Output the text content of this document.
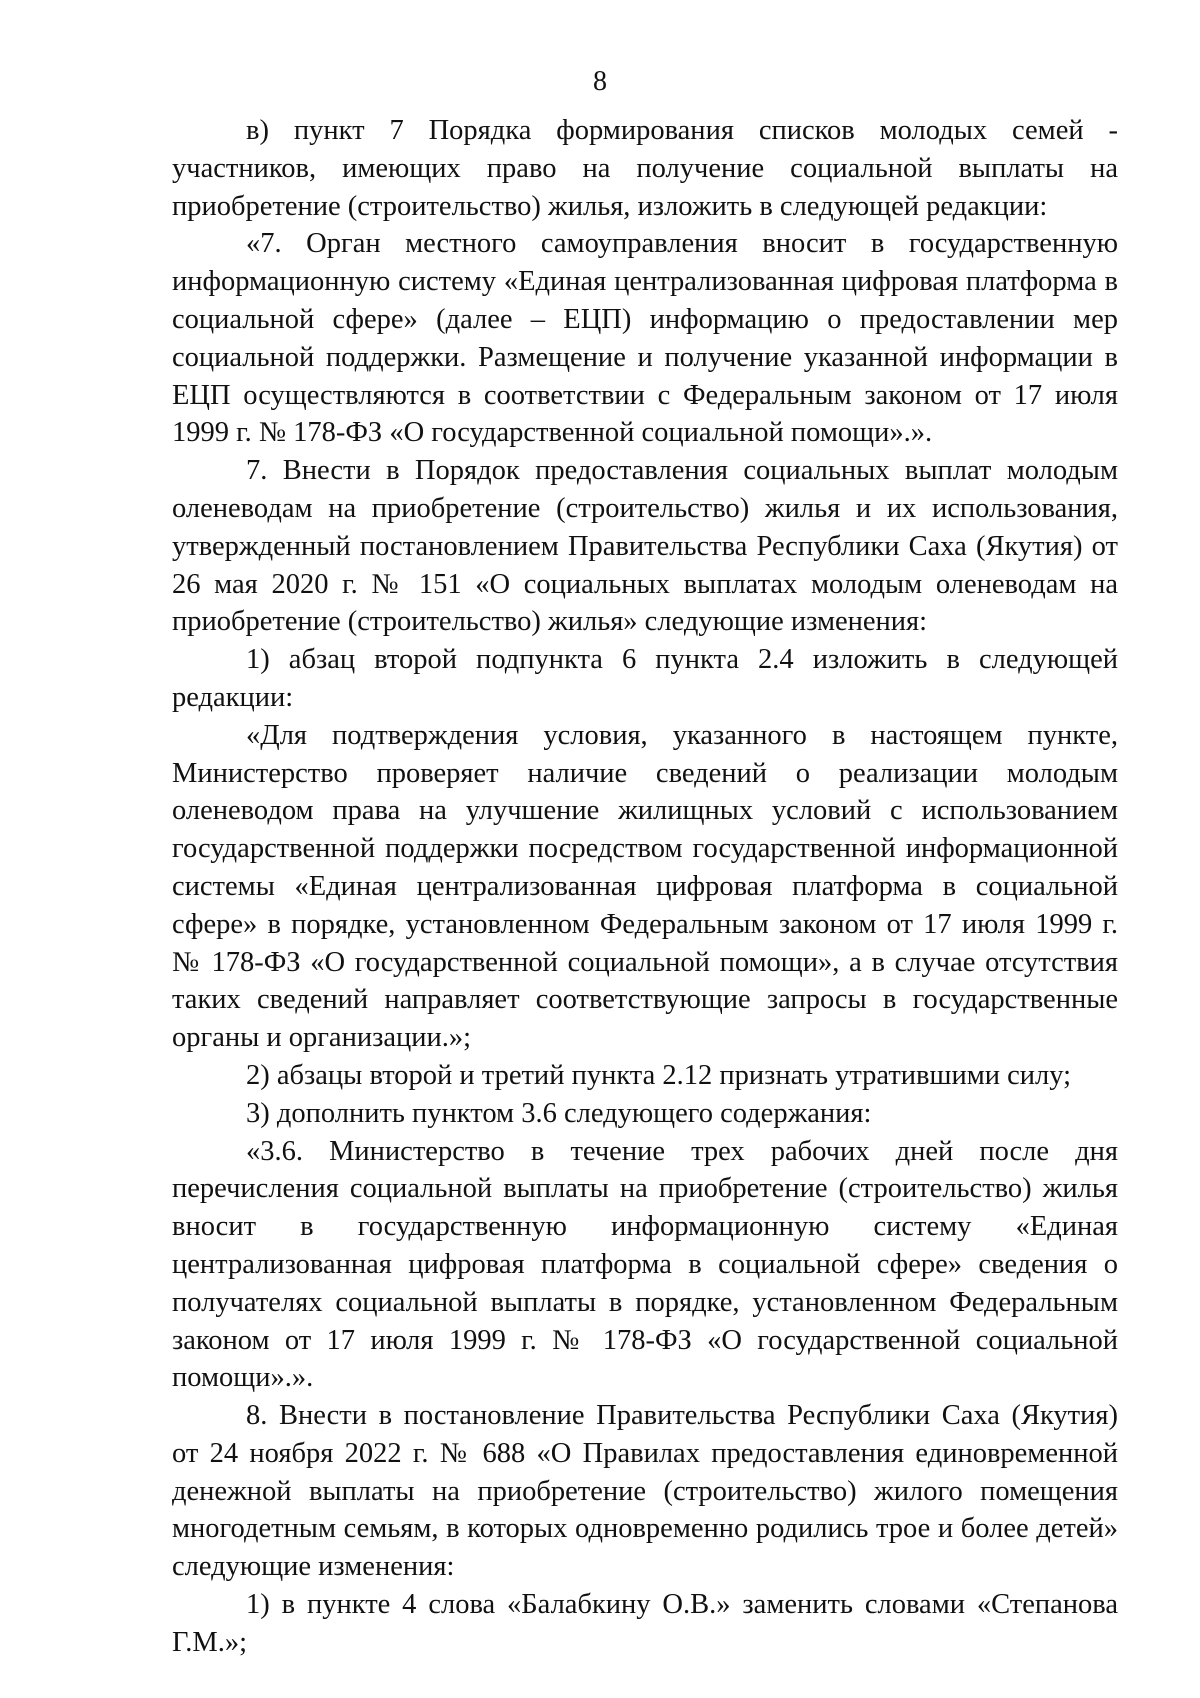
8

в) пункт 7 Порядка формирования списков молодых семей - участников, имеющих право на получение социальной выплаты на приобретение (строительство) жилья, изложить в следующей редакции:

«7. Орган местного самоуправления вносит в государственную информационную систему «Единая централизованная цифровая платформа в социальной сфере» (далее – ЕЦП) информацию о предоставлении мер социальной поддержки. Размещение и получение указанной информации в ЕЦП осуществляются в соответствии с Федеральным законом от 17 июля 1999 г. № 178-ФЗ «О государственной социальной помощи».».

7. Внести в Порядок предоставления социальных выплат молодым оленеводам на приобретение (строительство) жилья и их использования, утвержденный постановлением Правительства Республики Саха (Якутия) от 26 мая 2020 г. № 151 «О социальных выплатах молодым оленеводам на приобретение (строительство) жилья» следующие изменения:

1) абзац второй подпункта 6 пункта 2.4 изложить в следующей редакции:

«Для подтверждения условия, указанного в настоящем пункте, Министерство проверяет наличие сведений о реализации молодым оленеводом права на улучшение жилищных условий с использованием государственной поддержки посредством государственной информационной системы «Единая централизованная цифровая платформа в социальной сфере» в порядке, установленном Федеральным законом от 17 июля 1999 г. № 178-ФЗ «О государственной социальной помощи», а в случае отсутствия таких сведений направляет соответствующие запросы в государственные органы и организации.»;

2) абзацы второй и третий пункта 2.12 признать утратившими силу;

3) дополнить пунктом 3.6 следующего содержания:

«3.6. Министерство в течение трех рабочих дней после дня перечисления социальной выплаты на приобретение (строительство) жилья вносит в государственную информационную систему «Единая централизованная цифровая платформа в социальной сфере» сведения о получателях социальной выплаты в порядке, установленном Федеральным законом от 17 июля 1999 г. № 178-ФЗ «О государственной социальной помощи».».

8. Внести в постановление Правительства Республики Саха (Якутия) от 24 ноября 2022 г. № 688 «О Правилах предоставления единовременной денежной выплаты на приобретение (строительство) жилого помещения многодетным семьям, в которых одновременно родились трое и более детей» следующие изменения:

1) в пункте 4 слова «Балабкину О.В.» заменить словами «Степанова Г.М.»;
